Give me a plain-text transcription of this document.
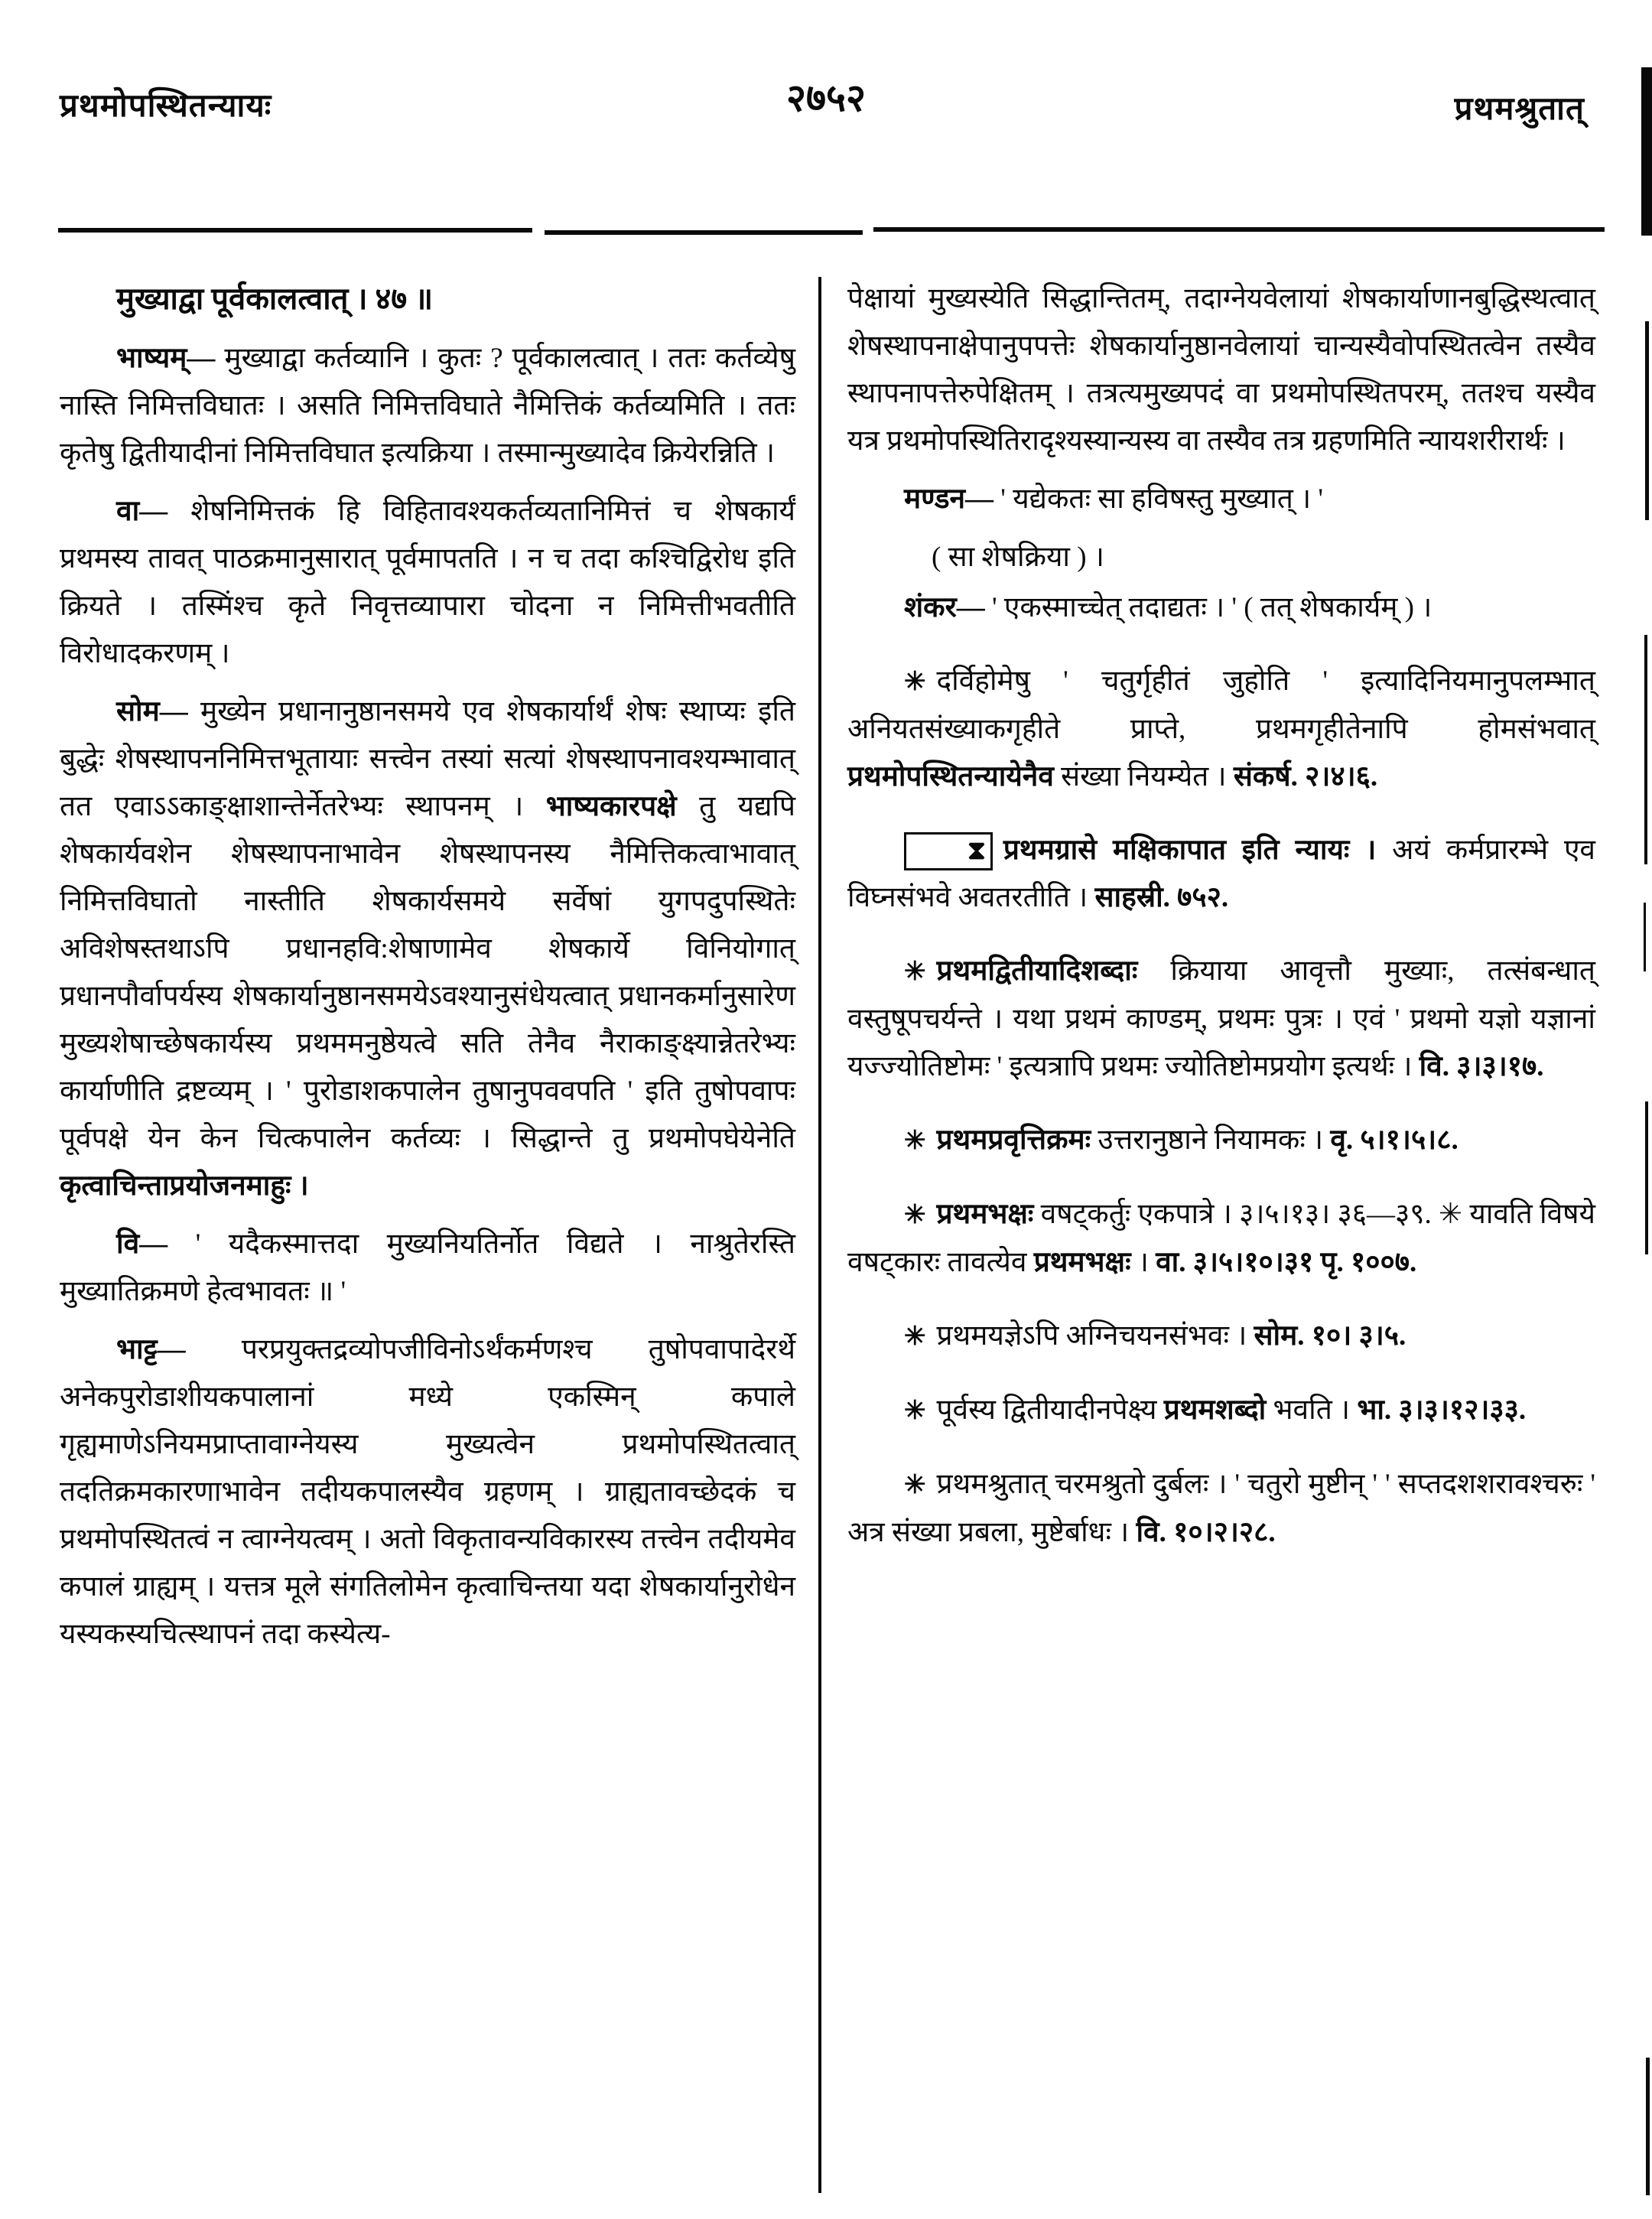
प्रथमोपस्थितन्यायः	२७५२	प्रथमश्रुतात्
मुख्याद्वा पूर्वकालत्वात् । ४७ ॥
भाष्यम्— मुख्याद्वा कर्तव्यानि । कुतः ? पूर्वकालत्वात् । ततः कर्तव्येषु नास्ति निमित्तविघातः । असति निमित्तविघाते नैमित्तिकं कर्तव्यमिति । ततः कृतेषु द्वितीयादीनां निमित्तविघात इत्यक्रिया । तस्मान्मुख्यादेव क्रियेरन्निति ।
वा— शेषनिमित्तकं हि विहितावश्यकर्तव्यतानिमित्तं च शेषकार्यं प्रथमस्य तावत् पाठक्रमानुसारात् पूर्वमापतति । न च तदा कश्चिद्विरोध इति क्रियते । तस्मिंश्च कृते निवृत्तव्यापारा चोदना न निमित्तीभवतीति विरोधादकरणम् ।
सोम— मुख्येन प्रधानानुष्ठानसमये एव शेषकार्यार्थं शेषः स्थाप्यः इति बुद्धेः शेषस्थापननिमित्तभूतायाः सत्त्वेन तस्यां सत्यां शेषस्थापनावश्यम्भावात् तत एवाऽऽकाङ्क्षाशान्तेर्नेतरेभ्यः स्थापनम् । भाष्यकारपक्षे तु यद्यपि शेषकार्यवशेन शेषस्थापनाभावेन शेषस्थापनस्य नैमित्तिकत्वाभावात् निमित्तविघातो नास्तीति शेषकार्यसमये सर्वेषां युगपदुपस्थितेः अविशेषस्तथाऽपि प्रधानहवि:शेषाणामेव शेषकार्ये विनियोगात् प्रधानपौर्वापर्यस्य शेषकार्यानुष्ठानसमयेऽवश्यानुसंधेयत्वात् प्रधानकर्मानुसारेण मुख्यशेषाच्छेषकार्यस्य प्रथममनुष्ठेयत्वे सति तेनैव नैराकाङ्क्ष्यान्नेतरेभ्यः कार्याणीति द्रष्टव्यम् । ' पुरोडाशकपालेन तुषानुपववपति ' इति तुषोपवापः पूर्वपक्षे येन केन चित्कपालेन कर्तव्यः । सिद्धान्ते तु प्रथमोपघेयेनेति कृत्वाचिन्ताप्रयोजनमाहुः ।
वि— ' यदैकस्मात्तदा मुख्यनियतिर्नोत विद्यते । नाश्रुतेरस्ति मुख्यातिक्रमणे हेत्वभावतः ॥ '
भाट्ट— परप्रयुक्तद्रव्योपजीविनोऽर्थंकर्मणश्च तुषोपवापादेरर्थे अनेकपुरोडाशीयकपालानां मध्ये एकस्मिन् कपाले गृह्यमाणेऽनियमप्राप्तावाग्नेयस्य मुख्यत्वेन प्रथमोपस्थितत्वात् तदतिक्रमकारणाभावेन तदीयकपालस्यैव ग्रहणम् । ग्राह्यतावच्छेदकं च प्रथमोपस्थितत्वं न त्वाग्नेयत्वम् । अतो विकृतावन्यविकारस्य तत्त्वेन तदीयमेव कपालं ग्राह्यम् । यत्तत्र मूले संगतिलोमेन कृत्वाचिन्तया यदा शेषकार्यानुरोधेन यस्यकस्यचित्स्थापनं तदा कस्येत्य-
पेक्षायां मुख्यस्येति सिद्धान्तितम्, तदाग्नेयवेलायां शेषकार्याणानबुद्धिस्थत्वात् शेषस्थापनाक्षेपानुपपत्तेः शेषकार्यानुष्ठानवेलायां चान्यस्यैवोपस्थितत्वेन तस्यैव स्थापनापत्तेरुपेक्षितम् । तत्रत्यमुख्यपदं वा प्रथमोपस्थितपरम्, ततश्च यस्यैव यत्र प्रथमोपस्थितिरादृश्यस्यान्यस्य वा तस्यैव तत्र ग्रहणमिति न्यायशरीरार्थः ।
मण्डन— ' यद्येकतः सा हविषस्तु मुख्यात् । '
( सा शेषक्रिया ) ।
शंकर— ' एकस्माच्चेत् तदाद्यतः । ' ( तत् शेषकार्यम् ) ।
✳ दर्विहोमेषु ' चतुर्गृहीतं जुहोति ' इत्यादिनियमानुपलम्भात् अनियतसंख्याकगृहीते प्राप्ते, प्रथमगृहीतेनापि होमसंभवात् प्रथमोपस्थितन्यायेनैव संख्या नियम्येत । संकर्ष. २।४।६.
⧗ प्रथमग्रासे मक्षिकापात इति न्यायः । अयं कर्मप्रारम्भे एव विघ्नसंभवे अवतरतीति । साहस्री. ७५२.
✳ प्रथमद्वितीयादिशब्दाः क्रियाया आवृत्तौ मुख्याः, तत्संबन्धात् वस्तुषूपचर्यन्ते । यथा प्रथमं काण्डम्, प्रथमः पुत्रः । एवं ' प्रथमो यज्ञो यज्ञानां यज्ज्योतिष्टोमः ' इत्यत्रापि प्रथमः ज्योतिष्टोमप्रयोग इत्यर्थः । वि. ३।३।१७.
✳ प्रथमप्रवृत्तिक्रमः उत्तरानुष्ठाने नियामकः । वृ. ५।१।५।८.
✳ प्रथमभक्षः वषट्कर्तुः एकपात्रे । ३।५।१३। ३६—३९. ✳ यावति विषये वषट्कारः तावत्येव प्रथमभक्षः । वा. ३।५।१०।३१ पृ. १००७.
✳ प्रथमयज्ञेऽपि अग्निचयनसंभवः । सोम. १०। ३।५.
✳ पूर्वस्य द्वितीयादीनपेक्ष्य प्रथमशब्दो भवति । भा. ३।३।१२।३३.
✳ प्रथमश्रुतात् चरमश्रुतो दुर्बलः । ' चतुरो मुष्टीन् ' ' सप्तदशशरावश्चरुः ' अत्र संख्या प्रबला, मुष्टेर्बाधः । वि. १०।२।२८.
